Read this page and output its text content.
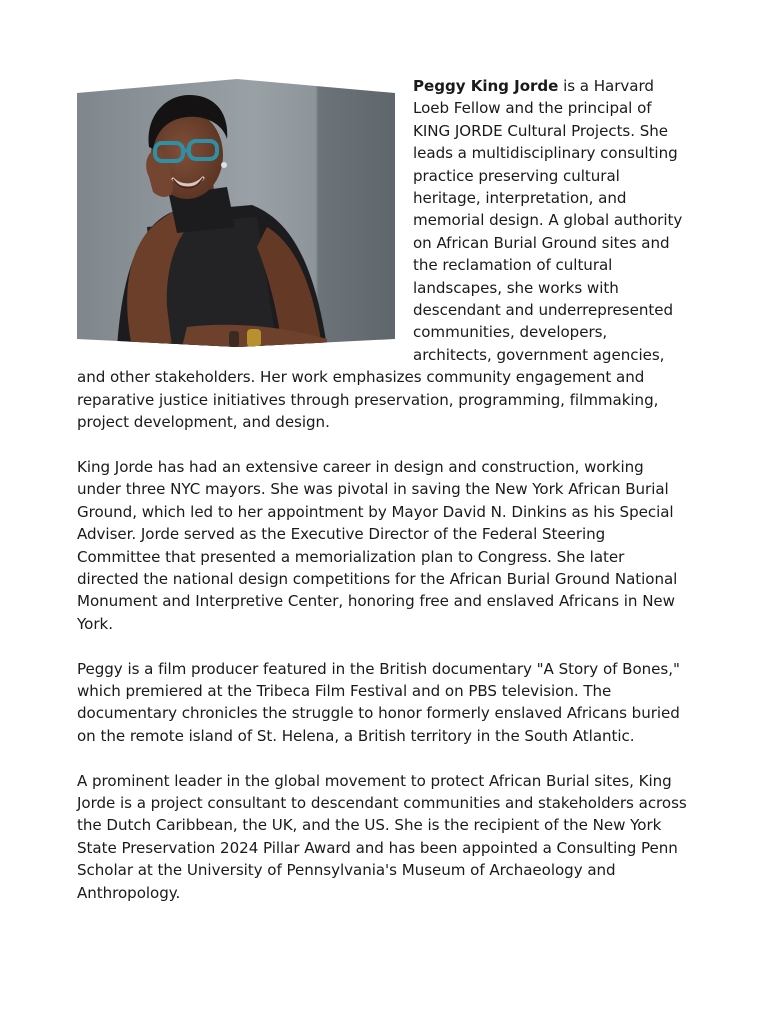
Peggy King Jorde is a Harvard Loeb Fellow and the principal of KING JORDE Cultural Projects. She leads a multidisciplinary consulting practice preserving cultural heritage, interpretation, and memorial design. A global authority on African Burial Ground sites and the reclamation of cultural landscapes, she works with descendant and underrepresented communities, developers, architects, government agencies, and other stakeholders. Her work emphasizes community engagement and reparative justice initiatives through preservation, programming, filmmaking, project development, and design.

King Jorde has had an extensive career in design and construction, working under three NYC mayors. She was pivotal in saving the New York African Burial Ground, which led to her appointment by Mayor David N. Dinkins as his Special Adviser. Jorde served as the Executive Director of the Federal Steering Committee that presented a memorialization plan to Congress. She later directed the national design competitions for the African Burial Ground National Monument and Interpretive Center, honoring free and enslaved Africans in New York.

Peggy is a film producer featured in the British documentary "A Story of Bones," which premiered at the Tribeca Film Festival and on PBS television. The documentary chronicles the struggle to honor formerly enslaved Africans buried on the remote island of St. Helena, a British territory in the South Atlantic.

A prominent leader in the global movement to protect African Burial sites, King Jorde is a project consultant to descendant communities and stakeholders across the Dutch Caribbean, the UK, and the US. She is the recipient of the New York State Preservation 2024 Pillar Award and has been appointed a Consulting Penn Scholar at the University of Pennsylvania's Museum of Archaeology and Anthropology.
